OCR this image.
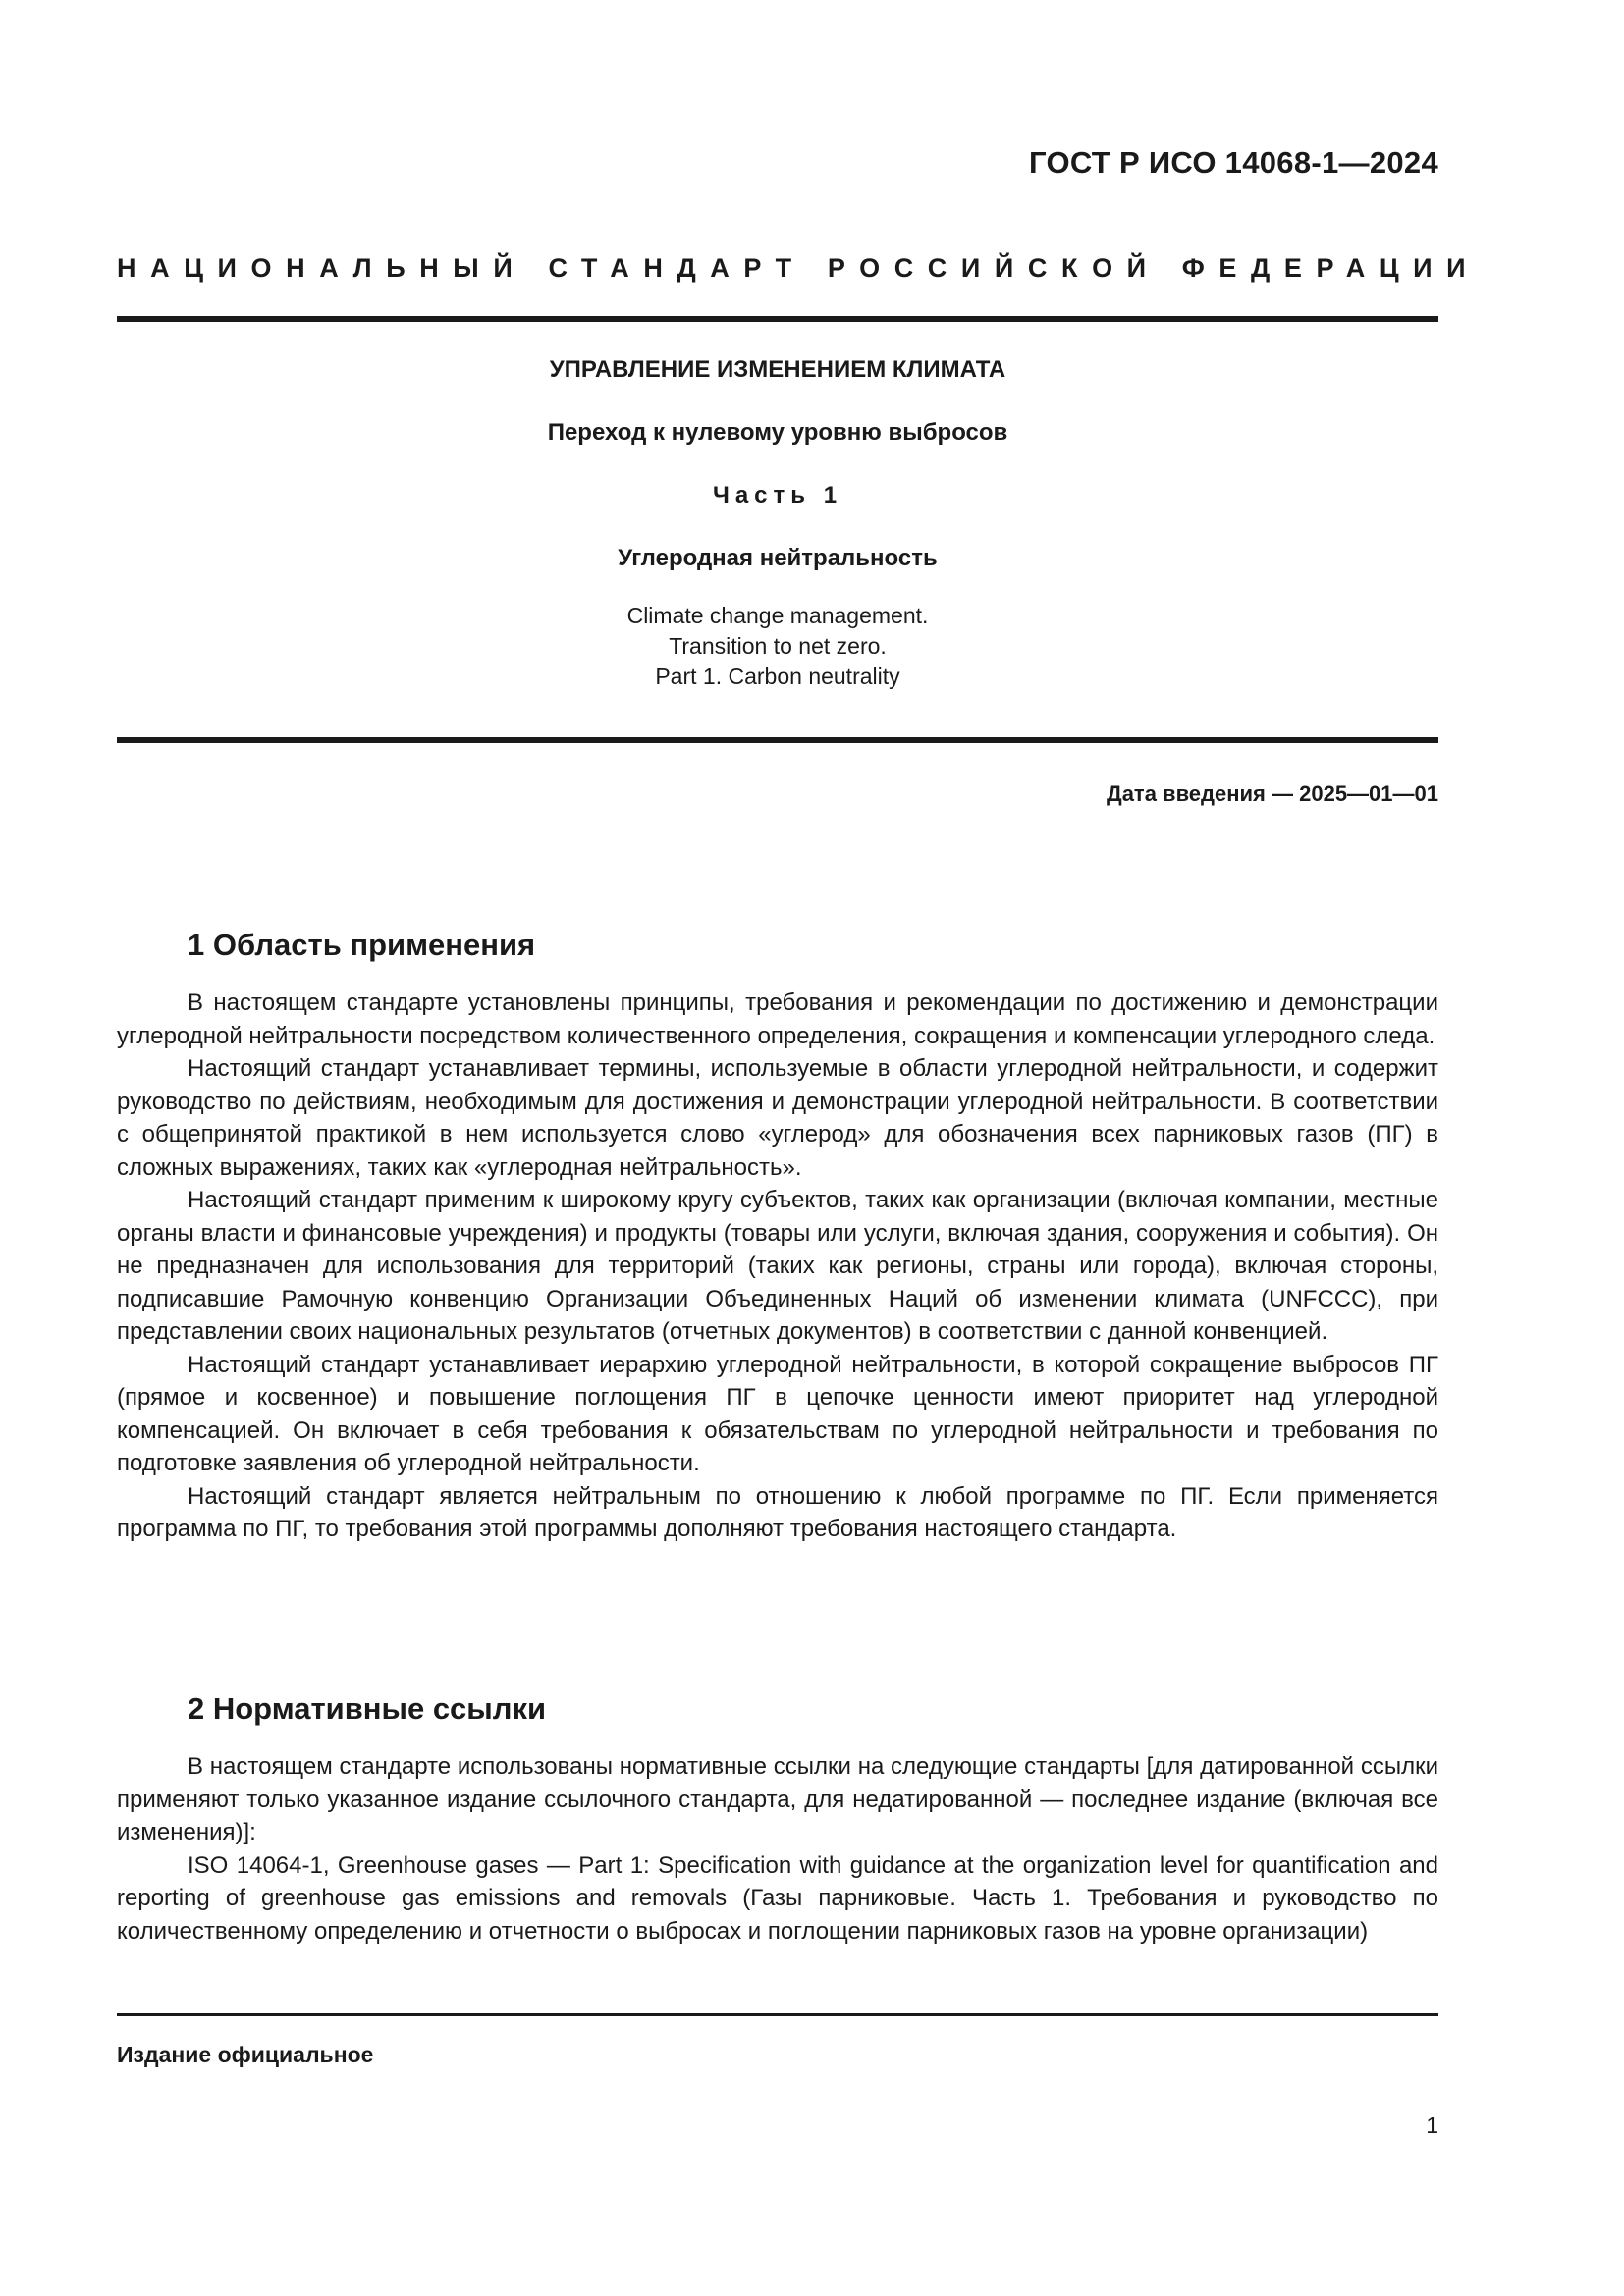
ГОСТ Р ИСО 14068-1—2024
НАЦИОНАЛЬНЫЙ СТАНДАРТ РОССИЙСКОЙ ФЕДЕРАЦИИ

УПРАВЛЕНИЕ ИЗМЕНЕНИЕМ КЛИМАТА

Переход к нулевому уровню выбросов

Часть 1

Углеродная нейтральность

Climate change management.
Transition to net zero.
Part 1. Carbon neutrality
Дата введения — 2025—01—01
1 Область применения

В настоящем стандарте установлены принципы, требования и рекомендации по достижению и демонстрации углеродной нейтральности посредством количественного определения, сокращения и компенсации углеродного следа.

Настоящий стандарт устанавливает термины, используемые в области углеродной нейтральности, и содержит руководство по действиям, необходимым для достижения и демонстрации углеродной нейтральности. В соответствии с общепринятой практикой в нем используется слово «углерод» для обозначения всех парниковых газов (ПГ) в сложных выражениях, таких как «углеродная нейтральность».

Настоящий стандарт применим к широкому кругу субъектов, таких как организации (включая компании, местные органы власти и финансовые учреждения) и продукты (товары или услуги, включая здания, сооружения и события). Он не предназначен для использования для территорий (таких как регионы, страны или города), включая стороны, подписавшие Рамочную конвенцию Организации Объединенных Наций об изменении климата (UNFCCC), при представлении своих национальных результатов (отчетных документов) в соответствии с данной конвенцией.

Настоящий стандарт устанавливает иерархию углеродной нейтральности, в которой сокращение выбросов ПГ (прямое и косвенное) и повышение поглощения ПГ в цепочке ценности имеют приоритет над углеродной компенсацией. Он включает в себя требования к обязательствам по углеродной нейтральности и требования по подготовке заявления об углеродной нейтральности.

Настоящий стандарт является нейтральным по отношению к любой программе по ПГ. Если применяется программа по ПГ, то требования этой программы дополняют требования настоящего стандарта.

2 Нормативные ссылки

В настоящем стандарте использованы нормативные ссылки на следующие стандарты [для датированной ссылки применяют только указанное издание ссылочного стандарта, для недатированной — последнее издание (включая все изменения)]:

ISO 14064-1, Greenhouse gases — Part 1: Specification with guidance at the organization level for quantification and reporting of greenhouse gas emissions and removals (Газы парниковые. Часть 1. Требования и руководство по количественному определению и отчетности о выбросах и поглощении парниковых газов на уровне организации)

Издание официальное
1
